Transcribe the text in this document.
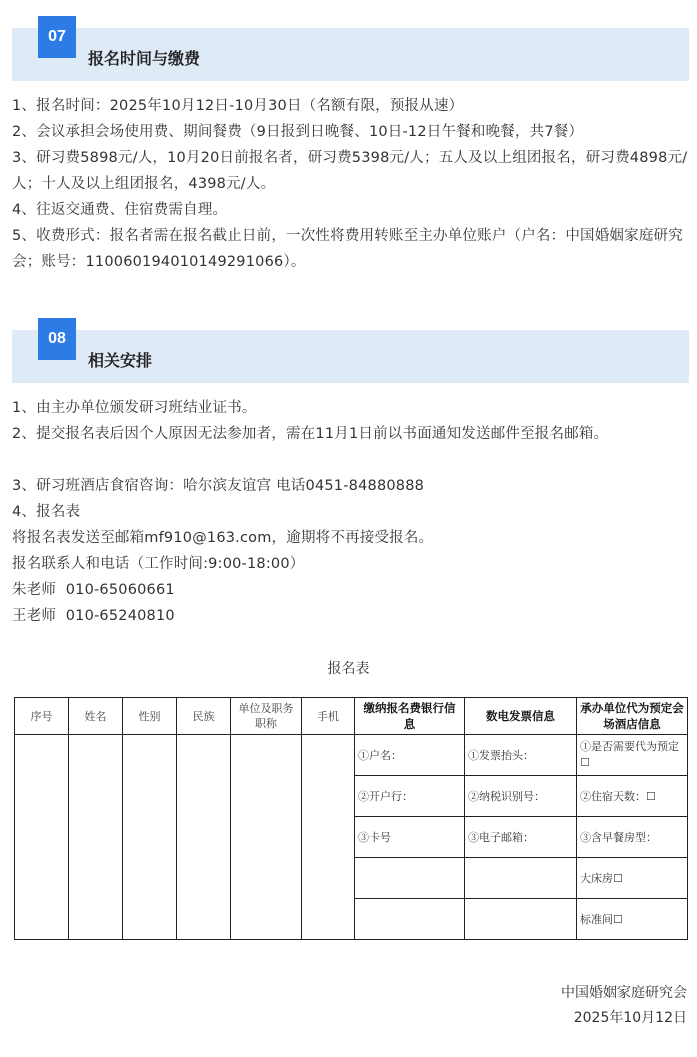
07
报名时间与缴费

1、报名时间：2025年10月12日-10月30日（名额有限，预报从速）

2、会议承担会场使用费、期间餐费（9日报到日晚餐、10日-12日午餐和晚餐，共7餐）

3、研习费5898元/人，10月20日前报名者，研习费5398元/人；五人及以上组团报名，研习费4898元/人；十人及以上组团报名，4398元/人。

4、往返交通费、住宿费需自理。

5、收费形式：报名者需在报名截止日前，一次性将费用转账至主办单位账户（户名：中国婚姻家庭研究会；账号：11006019401014929106​6）。

08
相关安排

1、由主办单位颁发研习班结业证书。

2、提交报名表后因个人原因无法参加者，需在11月1日前以书面通知发送邮件至报名邮箱。

3、研习班酒店食宿咨询：哈尔滨友谊宫 电话0451-84880888

4、报名表

将报名表发送至邮箱mf910@163.com，逾期将不再接受报名。

报名联系人和电话（工作时间:9:00-18:00）

朱老师  010-65060661

王老师  010-65240810

报名表
序号	姓名	性别	民族	单位及职务职称	手机	缴纳报名费银行信息	数电发票信息	承办单位代为预定会场酒店信息
						①户名：	①发票抬头：	①是否需要代为预定☐
						②开户行：	②纳税识别号：	②住宿天数：☐
						③卡号	③电子邮箱：	③含早餐房型：
								大床房☐
								标准间☐
中国婚姻家庭研究会
2025年10月12日
